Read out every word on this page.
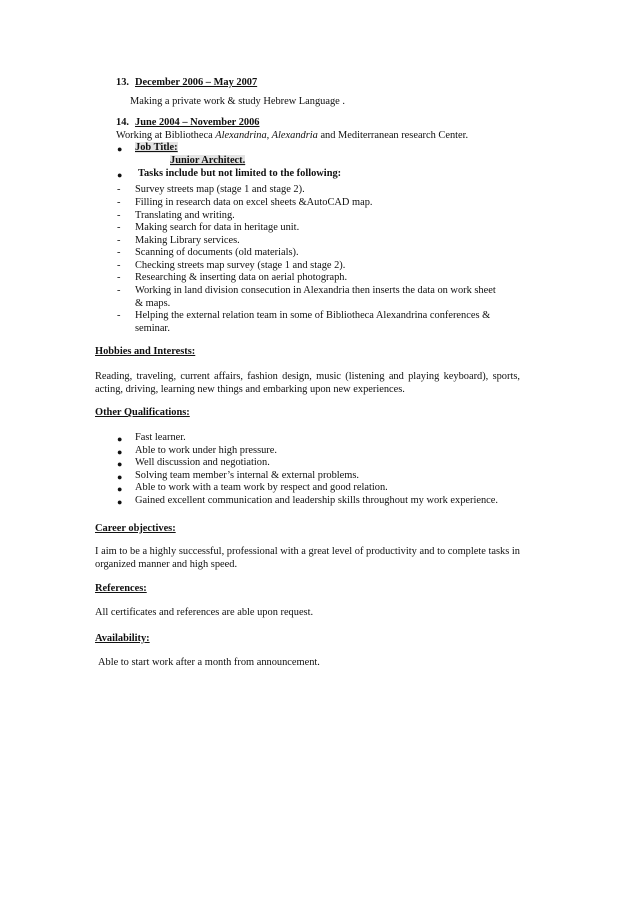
13. December 2006 – May 2007
Making a private work & study Hebrew Language .
14. June 2004 – November 2006
Working at Bibliotheca Alexandrina, Alexandria and Mediterranean research Center.
● Job Title:
Junior Architect.
● Tasks include but not limited to the following:
- Survey streets map (stage 1 and stage 2).
- Filling in research data on excel sheets &AutoCAD map.
- Translating and writing.
- Making search for data in heritage unit.
- Making Library services.
- Scanning of documents (old materials).
- Checking streets map survey (stage 1 and stage 2).
- Researching & inserting data on aerial photograph.
- Working in land division consecution in Alexandria then inserts the data on work sheet & maps.
- Helping the external relation team in some of Bibliotheca Alexandrina conferences & seminar.
Hobbies and Interests:
Reading, traveling, current affairs, fashion design, music (listening and playing keyboard), sports, acting, driving, learning new things and embarking upon new experiences.
Other Qualifications:
● Fast learner.
● Able to work under high pressure.
● Well discussion and negotiation.
● Solving team member’s internal & external problems.
● Able to work with a team work by respect and good relation.
● Gained excellent communication and leadership skills throughout my work experience.
Career objectives:
I aim to be a highly successful, professional with a great level of productivity and to complete tasks in organized manner and high speed.
References:
All certificates and references are able upon request.
Availability:
Able to start work after a month from announcement.
